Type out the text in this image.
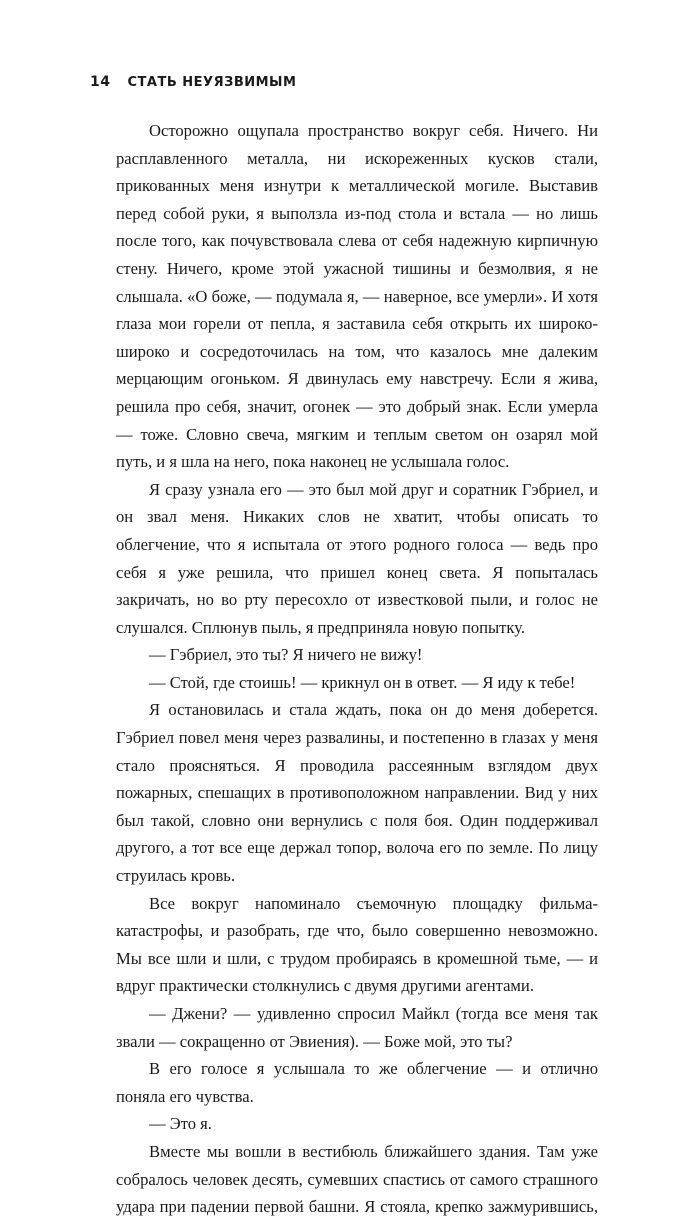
14 СТАТЬ НЕУЯЗВИМЫМ

Осторожно ощупала пространство вокруг себя. Ничего. Ни расплавленного металла, ни искореженных кусков стали, прикованных меня изнутри к металлической могиле. Выставив перед собой руки, я выползла из-под стола и встала — но лишь после того, как почувствовала слева от себя надежную кирпичную стену. Ничего, кроме этой ужасной тишины и безмолвия, я не слышала. «О боже, — подумала я, — наверное, все умерли». И хотя глаза мои горели от пепла, я заставила себя открыть их широко-широко и сосредоточилась на том, что казалось мне далеким мерцающим огоньком. Я двинулась ему навстречу. Если я жива, решила про себя, значит, огонек — это добрый знак. Если умерла — тоже. Словно свеча, мягким и теплым светом он озарял мой путь, и я шла на него, пока наконец не услышала голос.

Я сразу узнала его — это был мой друг и соратник Гэбриел, и он звал меня. Никаких слов не хватит, чтобы описать то облегчение, что я испытала от этого родного голоса — ведь про себя я уже решила, что пришел конец света. Я попыталась закричать, но во рту пересохло от известковой пыли, и голос не слушался. Сплюнув пыль, я предприняла новую попытку.

— Гэбриел, это ты? Я ничего не вижу!

— Стой, где стоишь! — крикнул он в ответ. — Я иду к тебе!

Я остановилась и стала ждать, пока он до меня доберется. Гэбриел повел меня через развалины, и постепенно в глазах у меня стало проясняться. Я проводила рассеянным взглядом двух пожарных, спешащих в противоположном направлении. Вид у них был такой, словно они вернулись с поля боя. Один поддерживал другого, а тот все еще держал топор, волоча его по земле. По лицу струилась кровь.

Все вокруг напоминало съемочную площадку фильма-катастрофы, и разобрать, где что, было совершенно невозможно. Мы все шли и шли, с трудом пробираясь в кромешной тьме, — и вдруг практически столкнулись с двумя другими агентами.

— Джени? — удивленно спросил Майкл (тогда все меня так звали — сокращенно от Эвиения). — Боже мой, это ты?

В его голосе я услышала то же облегчение — и отлично поняла его чувства.

— Это я.

Вместе мы вошли в вестибюль ближайшего здания. Там уже собралось человек десять, сумевших спастись от самого страшного удара при падении первой башни. Я стояла, крепко зажмурившись,
